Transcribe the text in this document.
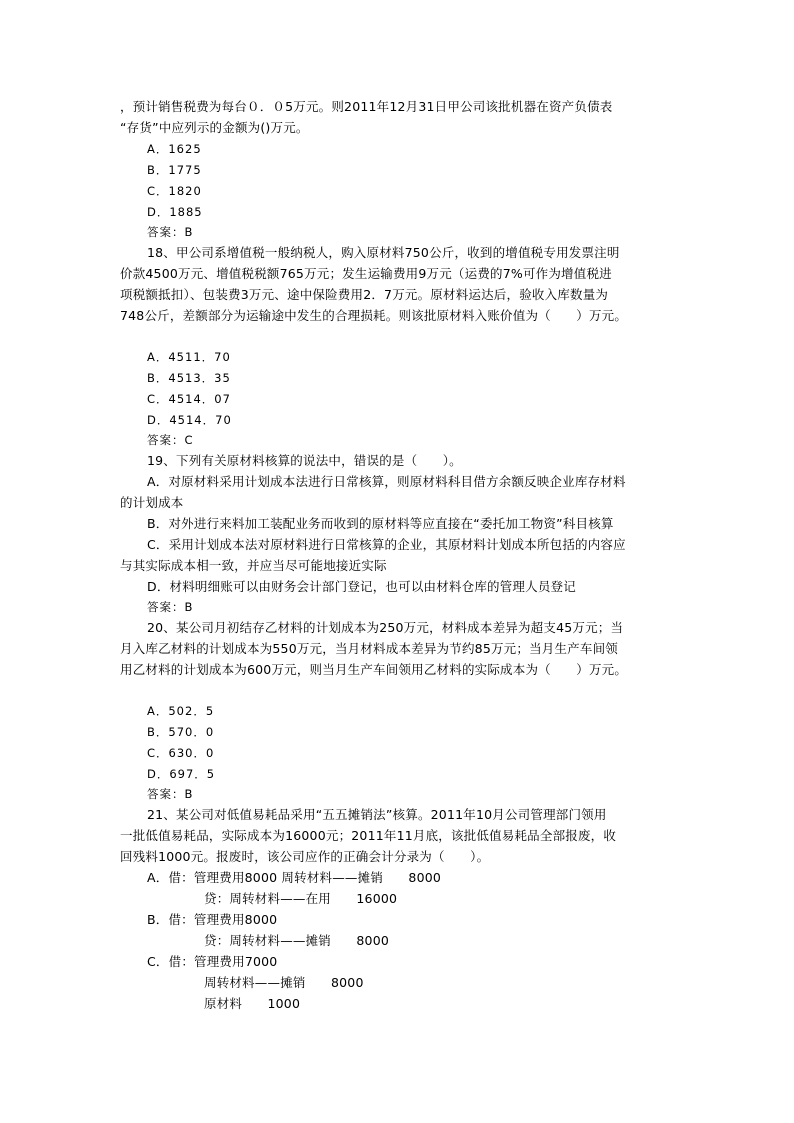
，预计销售税费为每台０．０5万元。则2011年12月31日甲公司该批机器在资产负债表
“存货”中应列示的金额为()万元。
A．1625
B．1775
C．1820
D．1885
答案：B
18、甲公司系增值税一般纳税人，购入原材料750公斤，收到的增值税专用发票注明
价款4500万元、增值税税额765万元；发生运输费用9万元（运费的7%可作为增值税进
项税额抵扣）、包装费3万元、途中保险费用2．7万元。原材料运达后，验收入库数量为
748公斤，差额部分为运输途中发生的合理损耗。则该批原材料入账价值为（　　）万元。
A．4511．70
B．4513．35
C．4514．07
D．4514．70
答案：C
19、下列有关原材料核算的说法中，错误的是（　　）。
A．对原材料采用计划成本法进行日常核算，则原材料科目借方余额反映企业库存材料
的计划成本
B．对外进行来料加工装配业务而收到的原材料等应直接在“委托加工物资”科目核算
C．采用计划成本法对原材料进行日常核算的企业，其原材料计划成本所包括的内容应
与其实际成本相一致，并应当尽可能地接近实际
D．材料明细账可以由财务会计部门登记，也可以由材料仓库的管理人员登记
答案：B
20、某公司月初结存乙材料的计划成本为250万元，材料成本差异为超支45万元；当
月入库乙材料的计划成本为550万元，当月材料成本差异为节约85万元；当月生产车间领
用乙材料的计划成本为600万元，则当月生产车间领用乙材料的实际成本为（　　）万元。
A．502．5
B．570．0
C．630．0
D．697．5
答案：B
21、某公司对低值易耗品采用“五五摊销法”核算。2011年10月公司管理部门领用
一批低值易耗品，实际成本为16000元；2011年11月底，该批低值易耗品全部报废，收
回残料1000元。报废时，该公司应作的正确会计分录为（　　）。
A．借：管理费用8000 周转材料——摊销　　8000
贷：周转材料——在用　　16000
B．借：管理费用8000
贷：周转材料——摊销　　8000
C．借：管理费用7000
周转材料——摊销　　8000
原材料　　1000
